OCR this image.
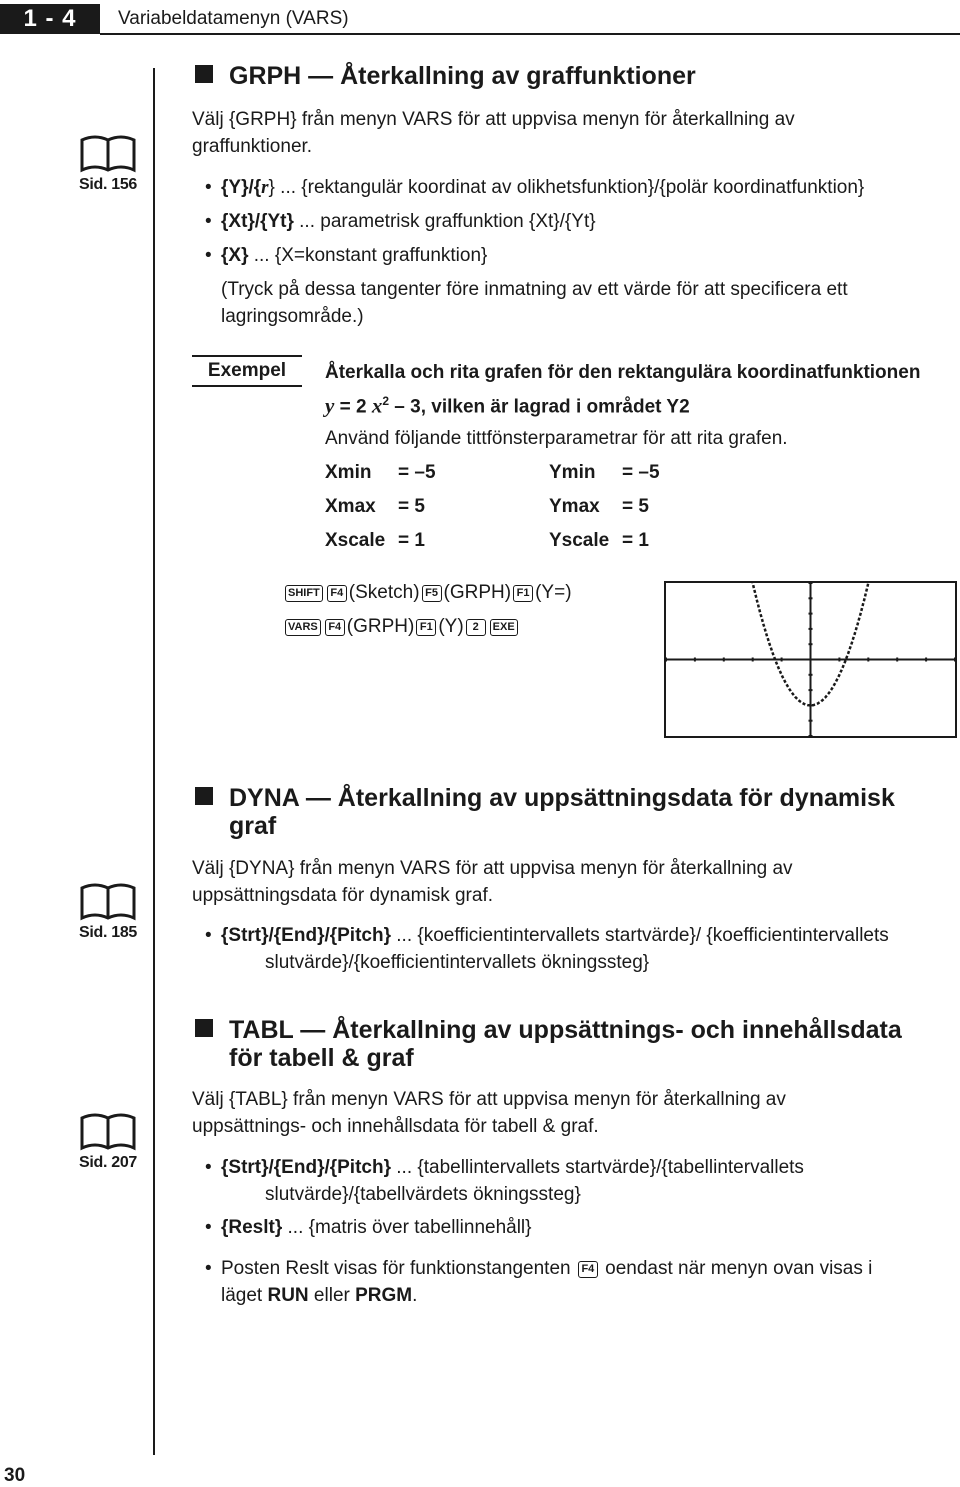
1 - 4	Variabeldatamenyn (VARS)
Sid. 156
Sid. 185
Sid. 207
GRPH — Återkallning av graffunktioner
Välj {GRPH} från menyn VARS för att uppvisa menyn för återkallning av
graffunktioner.
• {Y}/{r} ... {rektangulär koordinat av olikhetsfunktion}/{polär koordinatfunktion}
• {Xt}/{Yt} ... parametrisk graffunktion {Xt}/{Yt}
• {X} ... {X=konstant graffunktion}
(Tryck på dessa tangenter före inmatning av ett värde för att specificera ett
lagringsområde.)
Exempel	Återkalla och rita grafen för den rektangulära koordinatfunktionen
y = 2 $x^2 - 3$, vilken är lagrad i området Y2
Använd följande tittfönsterparametrar för att rita grafen.
Xmin = –5
Xmax = 5
Xscale = 1
Ymin = –5
Ymax = 5
Yscale = 1
SHIFT F4 (Sketch) F5 (GRPH) F1 (Y=)
VARS F4 (GRPH) F1 (Y) 2 EXE
DYNA — Återkallning av uppsättningsdata för dynamisk
graf
Välj {DYNA} från menyn VARS för att uppvisa menyn för återkallning av
uppsättningsdata för dynamisk graf.
• {Strt}/{End}/{Pitch} ... {koefficientintervallets startvärde}/ {koefficientintervallets
slutvärde}/{koefficientintervallets ökningssteg}
TABL — Återkallning av uppsättnings- och innehållsdata
för tabell & graf
Välj {TABL} från menyn VARS för att uppvisa menyn för återkallning av
uppsättnings- och innehållsdata för tabell & graf.
• {Strt}/{End}/{Pitch} ... {tabellintervallets startvärde}/{tabellintervallets
slutvärde}/{tabellvärdets ökningssteg}
• {Reslt} ... {matris över tabellinnehåll}
• Posten Reslt visas för funktionstangenten F4 oendast när menyn ovan visas i
läget RUN eller PRGM.
30
